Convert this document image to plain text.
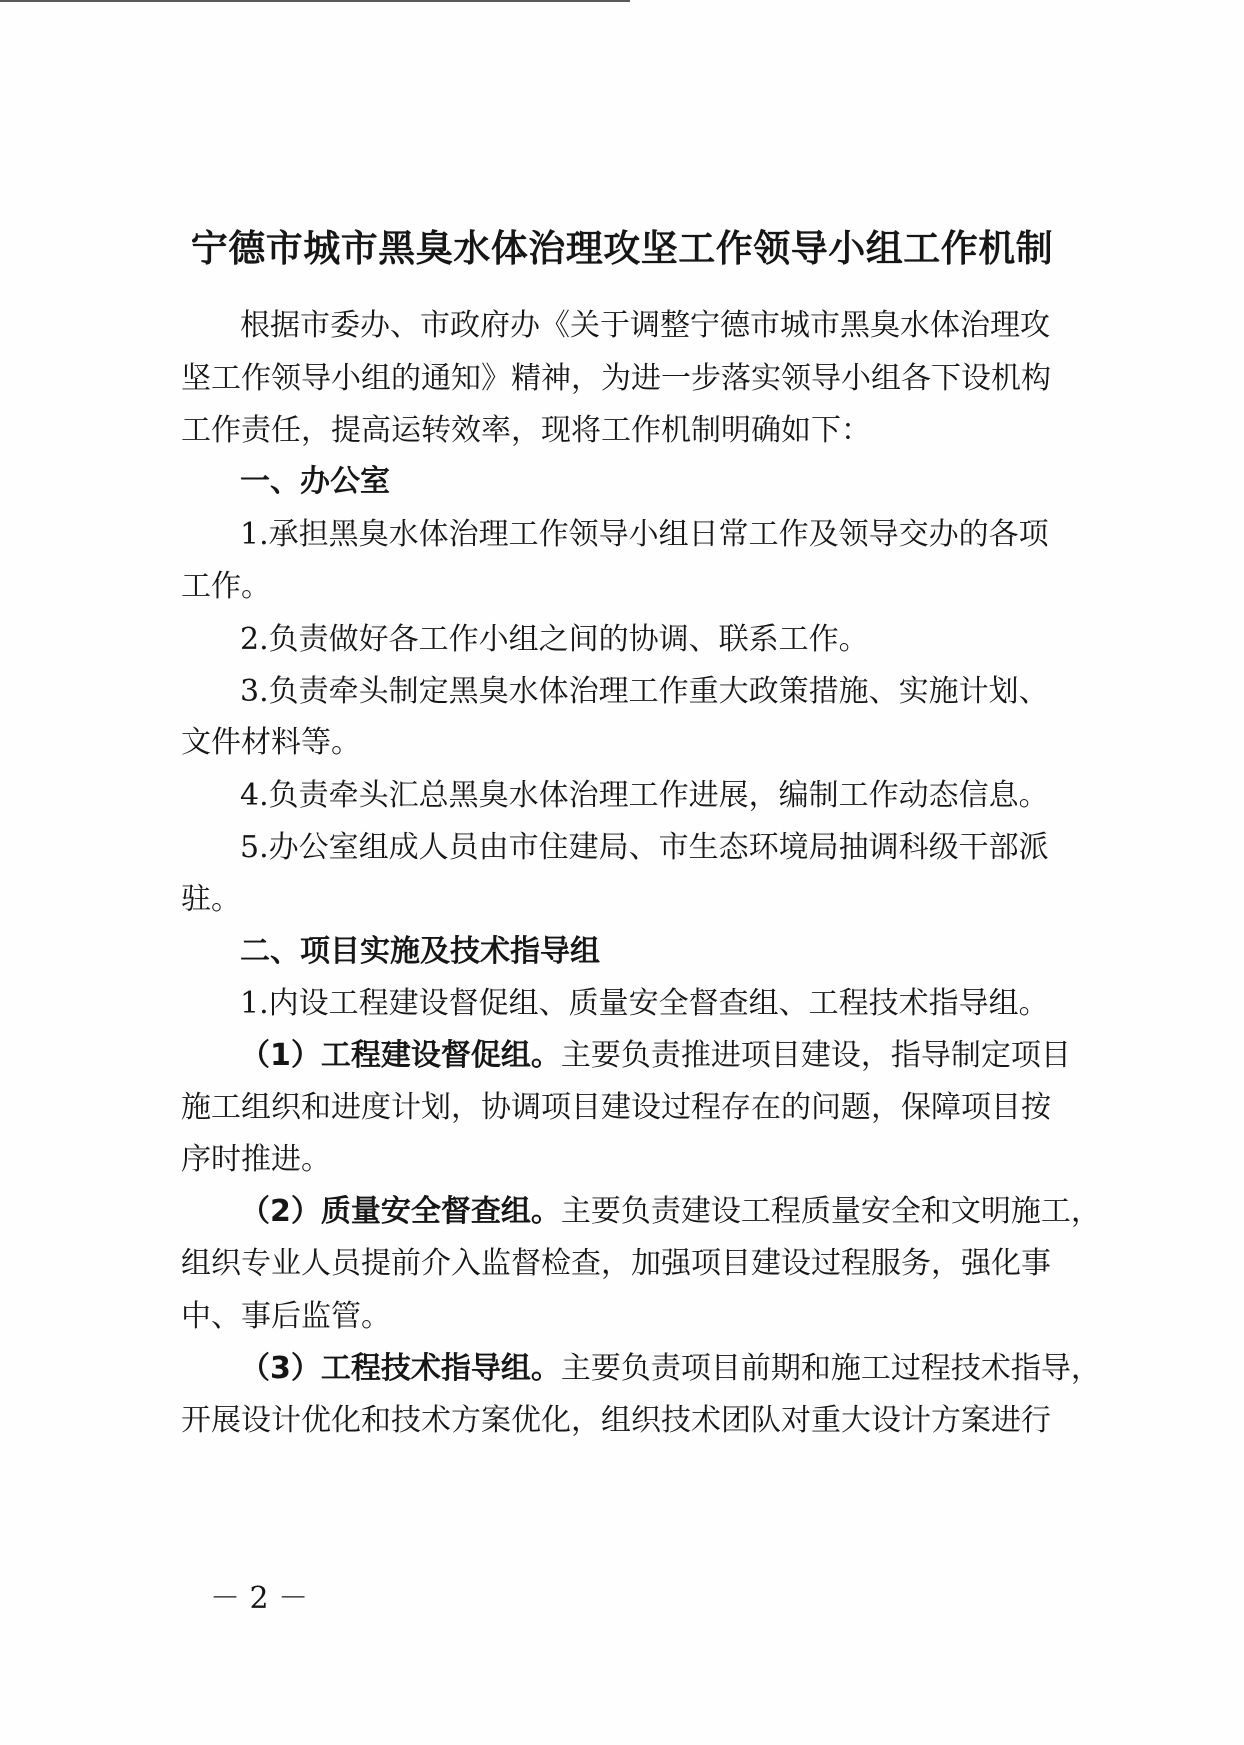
宁德市城市黑臭水体治理攻坚工作领导小组工作机制
根据市委办、市政府办《关于调整宁德市城市黑臭水体治理攻
坚工作领导小组的通知》精神，为进一步落实领导小组各下设机构
工作责任，提高运转效率，现将工作机制明确如下：
一、办公室
1.承担黑臭水体治理工作领导小组日常工作及领导交办的各项
工作。
2.负责做好各工作小组之间的协调、联系工作。
3.负责牵头制定黑臭水体治理工作重大政策措施、实施计划、
文件材料等。
4.负责牵头汇总黑臭水体治理工作进展，编制工作动态信息。
5.办公室组成人员由市住建局、市生态环境局抽调科级干部派
驻。
二、项目实施及技术指导组
1.内设工程建设督促组、质量安全督查组、工程技术指导组。
（1）工程建设督促组。主要负责推进项目建设，指导制定项目
施工组织和进度计划，协调项目建设过程存在的问题，保障项目按
序时推进。
（2）质量安全督查组。主要负责建设工程质量安全和文明施工，
组织专业人员提前介入监督检查，加强项目建设过程服务，强化事
中、事后监管。
（3）工程技术指导组。主要负责项目前期和施工过程技术指导，
开展设计优化和技术方案优化，组织技术团队对重大设计方案进行
－ 2 －
